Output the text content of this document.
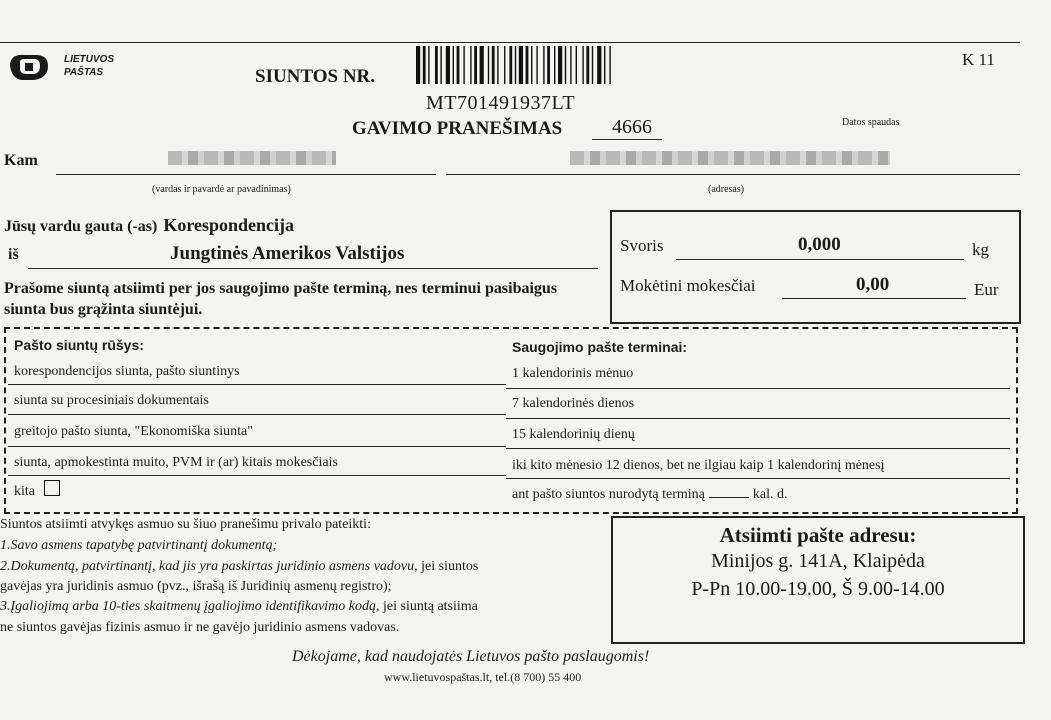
LIETUVOS
PAŠTAS
K 11
SIUNTOS NR.
MT701491937LT
GAVIMO PRANEŠIMAS 4666	Datos spaudas
Kam
(vardas ir pavardė ar pavadinimas)	(adresas)
Jūsų vardu gauta (-as) Korespondencija
iš	Jungtinės Amerikos Valstijos
Prašome siuntą atsiimti per jos saugojimo pašte terminą, nes terminui pasibaigus siunta bus grąžinta siuntėjui.
Svoris	0,000	kg
Mokėtini mokesčiai	0,00	Eur
Pašto siuntų rūšys:	Saugojimo pašte terminai:
korespondencijos siunta, pašto siuntinys	1 kalendorinis mėnuo
siunta su procesiniais dokumentais	7 kalendorinės dienos
greitojo pašto siunta, "Ekonomiška siunta"	15 kalendorinių dienų
siunta, apmokestinta muito, PVM ir (ar) kitais mokesčiais	iki kito mėnesio 12 dienos, bet ne ilgiau kaip 1 kalendorinį mėnesį
kita	ant pašto siuntos nurodytą terminą	kal. d.
Siuntos atsiimti atvykęs asmuo su šiuo pranešimu privalo pateikti:
1.Savo asmens tapatybę patvirtinantį dokumentą;
2.Dokumentą, patvirtinantį, kad jis yra paskirtas juridinio asmens vadovu, jei siuntos
gavėjas yra juridinis asmuo (pvz., išrašą iš Juridinių asmenų registro);
3.Įgaliojimą arba 10-ties skaitmenų įgaliojimo identifikavimo kodą, jei siuntą atsiima
ne siuntos gavėjas fizinis asmuo ir ne gavėjo juridinio asmens vadovas.
Atsiimti pašte adresu:
Minijos g. 141A, Klaipėda
P-Pn 10.00-19.00, Š 9.00-14.00
Dėkojame, kad naudojatės Lietuvos pašto paslaugomis!
www.lietuvospaštas.lt, tel.(8 700) 55 400
